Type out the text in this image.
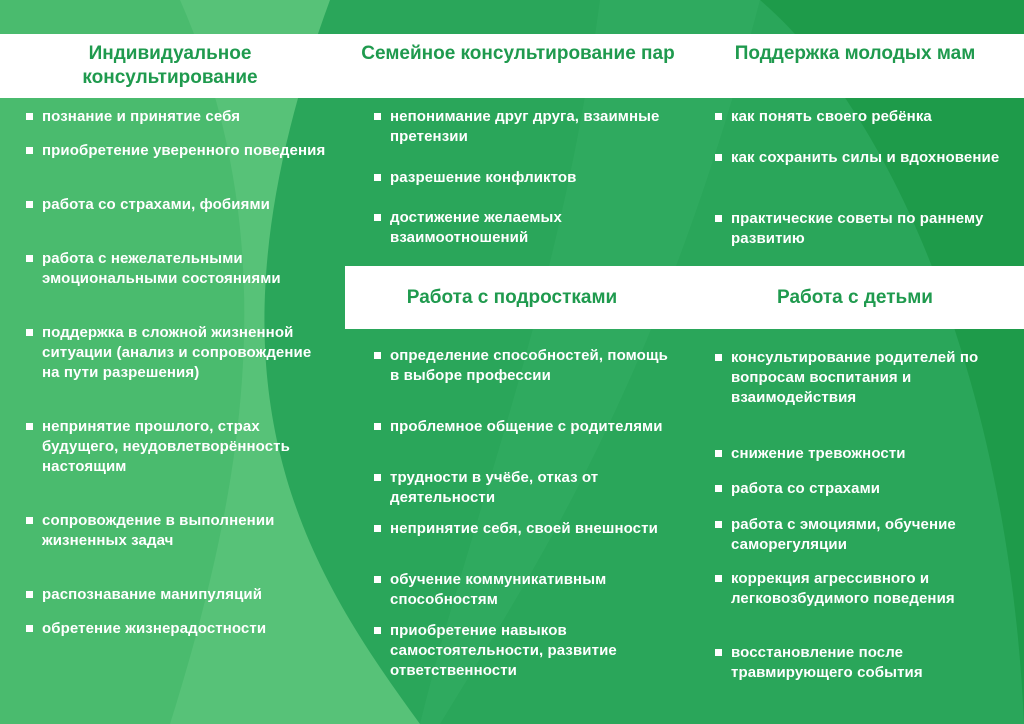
Индивидуальное консультирование
Семейное консультирование пар	Поддержка молодых мам
Работа с подростками	Работа с детьми
познание и принятие себя
приобретение уверенного поведения
работа со страхами, фобиями
работа с нежелательными эмоциональными состояниями
поддержка в сложной жизненной ситуации (анализ и сопровождение на пути разрешения)
непринятие прошлого, страх будущего, неудовлетворённость настоящим
сопровождение в выполнении жизненных задач
распознавание манипуляций
обретение жизнерадостности
непонимание друг друга, взаимные претензии
разрешение конфликтов
достижение желаемых взаимоотношений
определение способностей, помощь в выборе профессии
проблемное общение с родителями
трудности в учёбе, отказ от деятельности
непринятие себя, своей внешности
обучение коммуникативным способностям
приобретение навыков самостоятельности, развитие ответственности
как понять своего ребёнка
как сохранить силы и вдохновение
практические советы по раннему развитию
консультирование родителей по вопросам воспитания и взаимодействия
снижение тревожности
работа со страхами
работа с эмоциями, обучение саморегуляции
коррекция агрессивного и легковозбудимого поведения
восстановление после травмирующего события
